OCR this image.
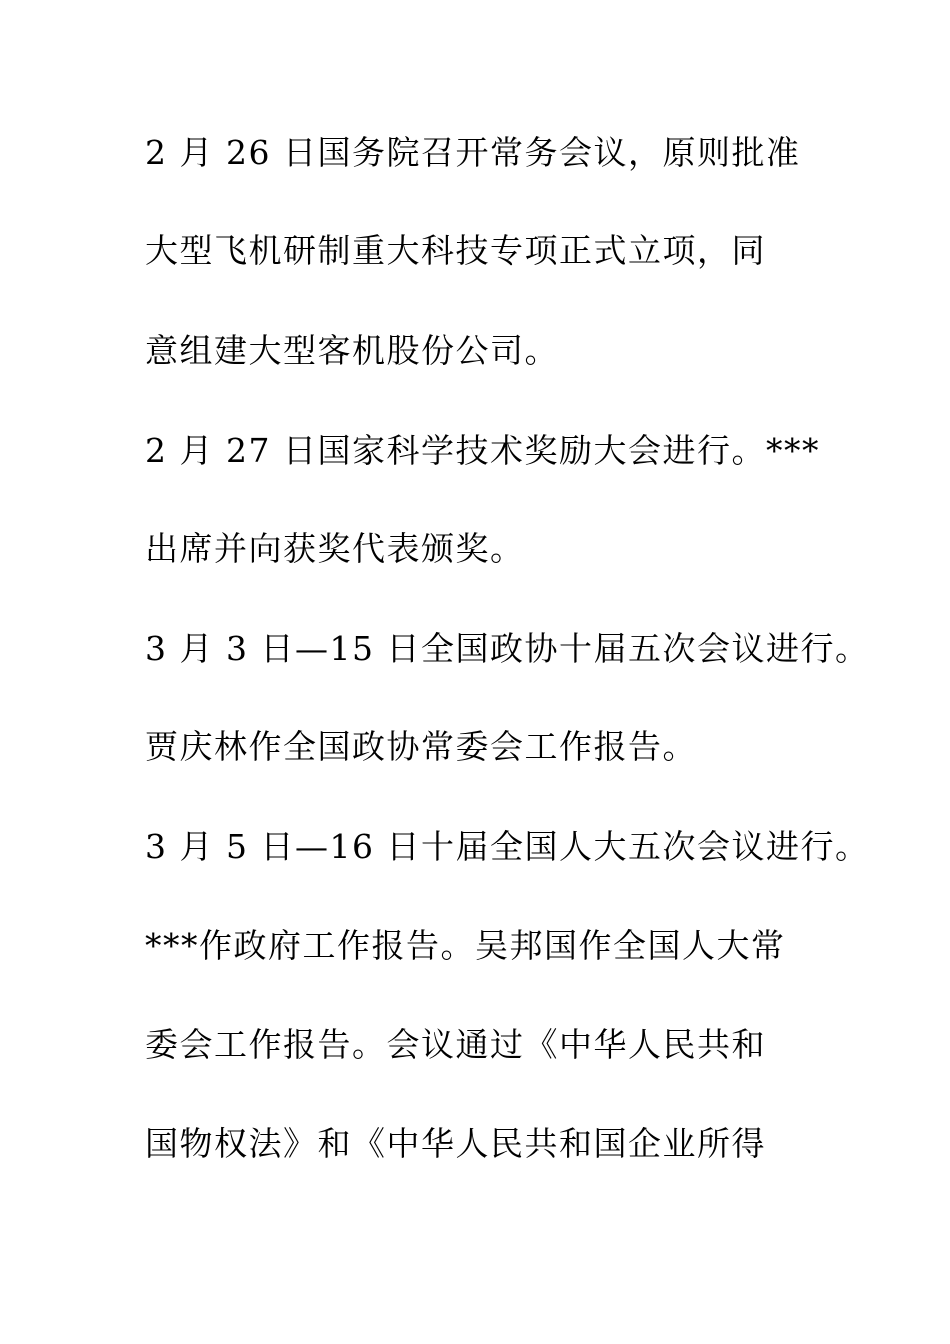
2 月 26 日国务院召开常务会议，原则批准
大型飞机研制重大科技专项正式立项，同
意组建大型客机股份公司。
2 月 27 日国家科学技术奖励大会进行。***
出席并向获奖代表颁奖。
3 月 3 日—15 日全国政协十届五次会议进行。
贾庆林作全国政协常委会工作报告。
3 月 5 日—16 日十届全国人大五次会议进行。
***作政府工作报告。吴邦国作全国人大常
委会工作报告。会议通过《中华人民共和
国物权法》和《中华人民共和国企业所得
